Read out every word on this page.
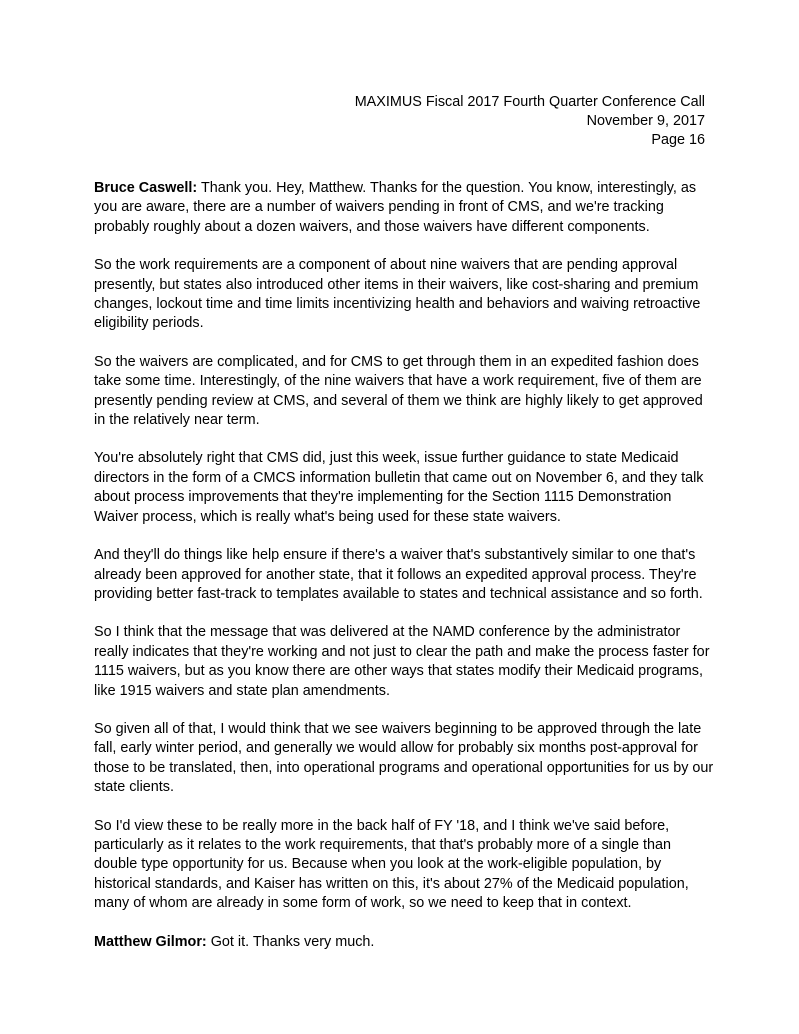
MAXIMUS Fiscal 2017 Fourth Quarter Conference Call
November 9, 2017
Page 16

Bruce Caswell: Thank you. Hey, Matthew. Thanks for the question. You know, interestingly, as you are aware, there are a number of waivers pending in front of CMS, and we're tracking probably roughly about a dozen waivers, and those waivers have different components.

So the work requirements are a component of about nine waivers that are pending approval presently, but states also introduced other items in their waivers, like cost-sharing and premium changes, lockout time and time limits incentivizing health and behaviors and waiving retroactive eligibility periods.

So the waivers are complicated, and for CMS to get through them in an expedited fashion does take some time. Interestingly, of the nine waivers that have a work requirement, five of them are presently pending review at CMS, and several of them we think are highly likely to get approved in the relatively near term.

You're absolutely right that CMS did, just this week, issue further guidance to state Medicaid directors in the form of a CMCS information bulletin that came out on November 6, and they talk about process improvements that they're implementing for the Section 1115 Demonstration Waiver process, which is really what's being used for these state waivers.

And they'll do things like help ensure if there's a waiver that's substantively similar to one that's already been approved for another state, that it follows an expedited approval process. They're providing better fast-track to templates available to states and technical assistance and so forth.

So I think that the message that was delivered at the NAMD conference by the administrator really indicates that they're working and not just to clear the path and make the process faster for 1115 waivers, but as you know there are other ways that states modify their Medicaid programs, like 1915 waivers and state plan amendments.

So given all of that, I would think that we see waivers beginning to be approved through the late fall, early winter period, and generally we would allow for probably six months post-approval for those to be translated, then, into operational programs and operational opportunities for us by our state clients.

So I'd view these to be really more in the back half of FY '18, and I think we've said before, particularly as it relates to the work requirements, that that's probably more of a single than double type opportunity for us. Because when you look at the work-eligible population, by historical standards, and Kaiser has written on this, it's about 27% of the Medicaid population, many of whom are already in some form of work, so we need to keep that in context.

Matthew Gilmor: Got it. Thanks very much.
